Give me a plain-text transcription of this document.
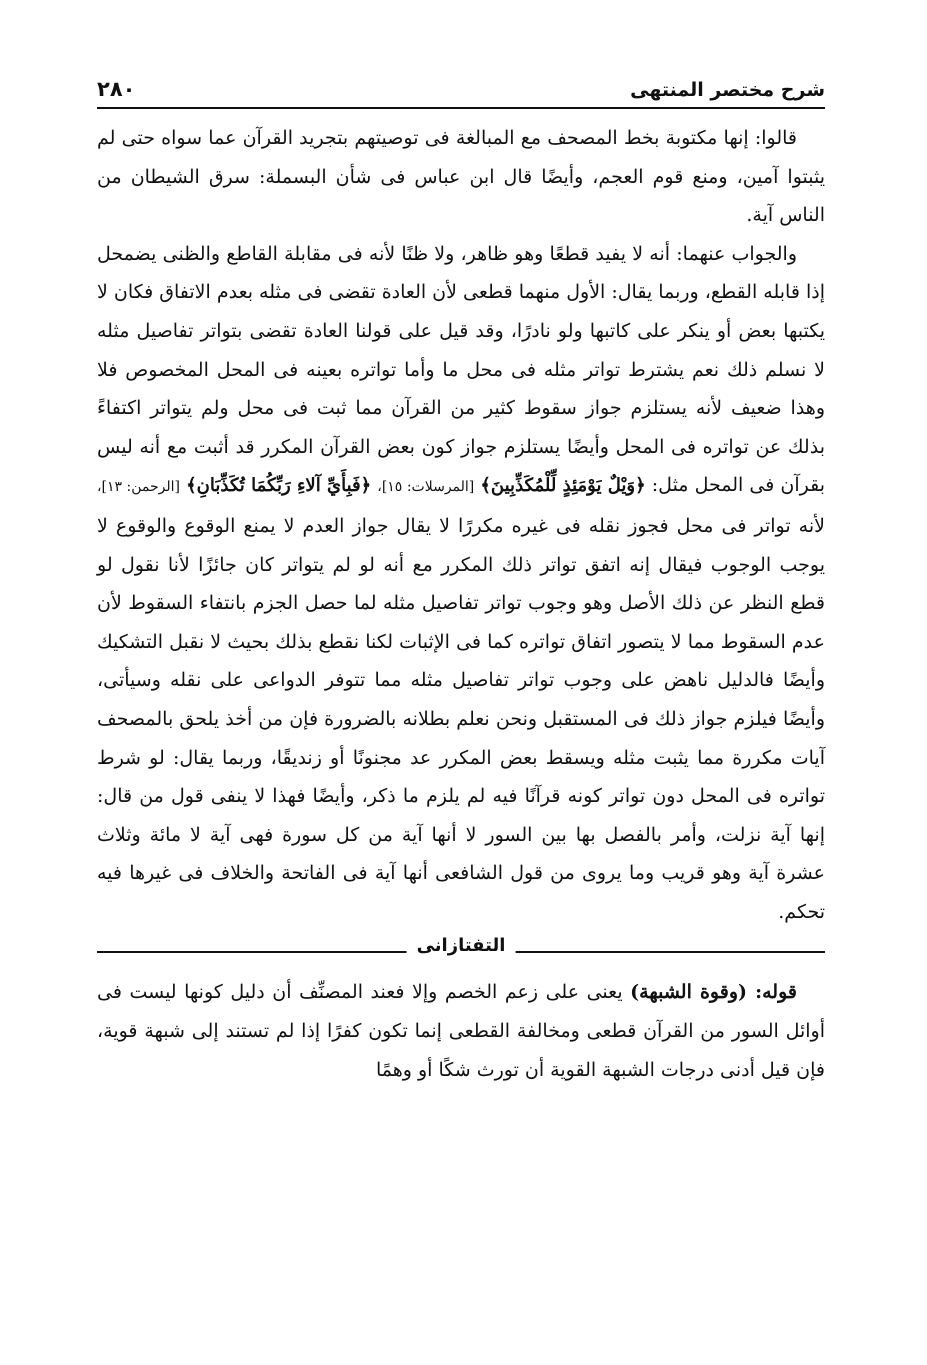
شرح مختصر المنتهى
٢٨٠

قالوا: إنها مكتوبة بخط المصحف مع المبالغة فى توصيتهم بتجريد القرآن عما سواه حتى لم يثبتوا آمين، ومنع قوم العجم، وأيضًا قال ابن عباس فى شأن البسملة: سرق الشيطان من الناس آية.

والجواب عنهما: أنه لا يفيد قطعًا وهو ظاهر، ولا ظنًا لأنه فى مقابلة القاطع والظنى يضمحل إذا قابله القطع، وربما يقال: الأول منهما قطعى لأن العادة تقضى فى مثله بعدم الاتفاق فكان لا يكتبها بعض أو ينكر على كاتبها ولو نادرًا، وقد قيل على قولنا العادة تقضى بتواتر تفاصيل مثله لا نسلم ذلك نعم يشترط تواتر مثله فى محل ما وأما تواتره بعينه فى المحل المخصوص فلا وهذا ضعيف لأنه يستلزم جواز سقوط كثير من القرآن مما ثبت فى محل ولم يتواتر اكتفاءً بذلك عن تواتره فى المحل وأيضًا يستلزم جواز كون بعض القرآن المكرر قد أثبت مع أنه ليس بقرآن فى المحل مثل: ﴿وَيْلٌ يَوْمَئِذٍ لِّلْمُكَذِّبِينَ﴾ [المرسلات: ١٥]، ﴿فَبِأَيِّ آلاءِ رَبِّكُمَا تُكَذِّبَانِ﴾ [الرحمن: ١٣]، لأنه تواتر فى محل فجوز نقله فى غيره مكررًا لا يقال جواز العدم لا يمنع الوقوع والوقوع لا يوجب الوجوب فيقال إنه اتفق تواتر ذلك المكرر مع أنه لو لم يتواتر كان جائزًا لأنا نقول لو قطع النظر عن ذلك الأصل وهو وجوب تواتر تفاصيل مثله لما حصل الجزم بانتفاء السقوط لأن عدم السقوط مما لا يتصور اتفاق تواتره كما فى الإثبات لكنا نقطع بذلك بحيث لا نقبل التشكيك وأيضًا فالدليل ناهض على وجوب تواتر تفاصيل مثله مما تتوفر الدواعى على نقله وسيأتى، وأيضًا فيلزم جواز ذلك فى المستقبل ونحن نعلم بطلانه بالضرورة فإن من أخذ يلحق بالمصحف آيات مكررة مما يثبت مثله ويسقط بعض المكرر عد مجنونًا أو زنديقًا، وربما يقال: لو شرط تواتره فى المحل دون تواتر كونه قرآنًا فيه لم يلزم ما ذكر، وأيضًا فهذا لا ينفى قول من قال: إنها آية نزلت، وأمر بالفصل بها بين السور لا أنها آية من كل سورة فهى آية لا مائة وثلاث عشرة آية وهو قريب وما يروى من قول الشافعى أنها آية فى الفاتحة والخلاف فى غيرها فيه تحكم.

التفتازانى

قوله: (وقوة الشبهة) يعنى على زعم الخصم وإلا فعند المصنِّف أن دليل كونها ليست فى أوائل السور من القرآن قطعى ومخالفة القطعى إنما تكون كفرًا إذا لم تستند إلى شبهة قوية، فإن قيل أدنى درجات الشبهة القوية أن تورث شكًا أو وهمًا
